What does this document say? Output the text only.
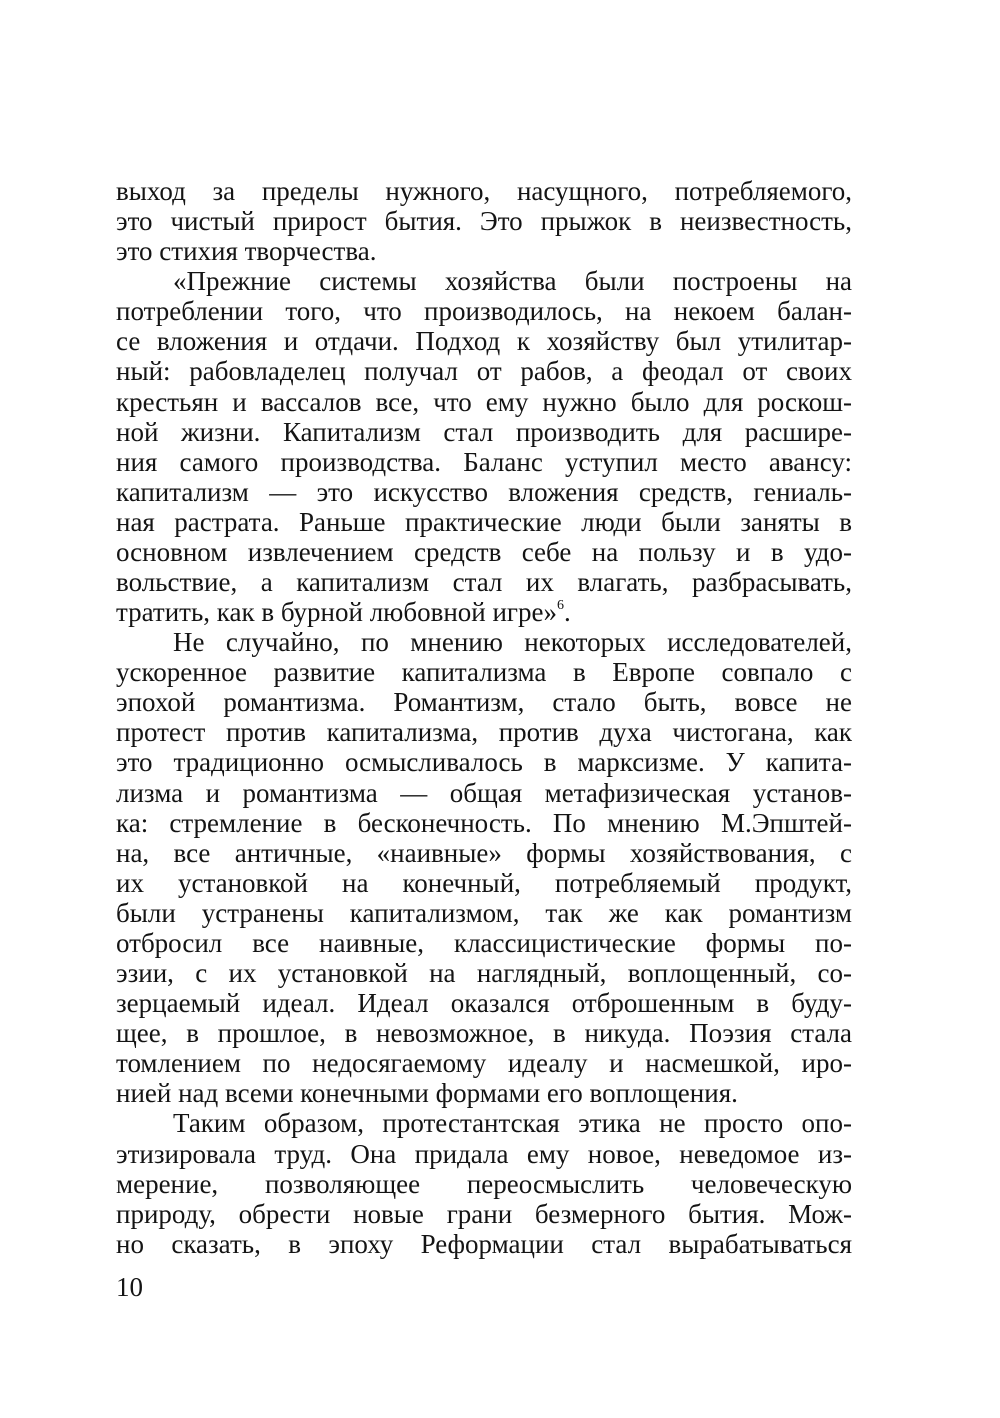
выход за пределы нужного, насущного, потребляемого,
это чистый прирост бытия. Это прыжок в неизвестность,
это стихия творчества.
«Прежние системы хозяйства были построены на
потреблении того, что производилось, на некоем балан-
се вложения и отдачи. Подход к хозяйству был утилитар-
ный: рабовладелец получал от рабов, а феодал от своих
крестьян и вассалов все, что ему нужно было для роскош-
ной жизни. Капитализм стал производить для расшире-
ния самого производства. Баланс уступил место авансу:
капитализм — это искусство вложения средств, гениаль-
ная растрата. Раньше практические люди были заняты в
основном извлечением средств себе на пользу и в удо-
вольствие, а капитализм стал их влагать, разбрасывать,
тратить, как в бурной любовной игре»$^6$.
Не случайно, по мнению некоторых исследователей,
ускоренное развитие капитализма в Европе совпало с
эпохой романтизма. Романтизм, стало быть, вовсе не
протест против капитализма, против духа чистогана, как
это традиционно осмысливалось в марксизме. У капита-
лизма и романтизма — общая метафизическая установ-
ка: стремление в бесконечность. По мнению М.Эпштей-
на, все античные, «наивные» формы хозяйствования, с
их установкой на конечный, потребляемый продукт,
были устранены капитализмом, так же как романтизм
отбросил все наивные, классицистические формы по-
эзии, с их установкой на наглядный, воплощенный, со-
зерцаемый идеал. Идеал оказался отброшенным в буду-
щее, в прошлое, в невозможное, в никуда. Поэзия стала
томлением по недосягаемому идеалу и насмешкой, иро-
нией над всеми конечными формами его воплощения.
Таким образом, протестантская этика не просто опо-
этизировала труд. Она придала ему новое, неведомое из-
мерение, позволяющее переосмыслить человеческую
природу, обрести новые грани безмерного бытия. Мож-
но сказать, в эпоху Реформации стал вырабатываться
10
